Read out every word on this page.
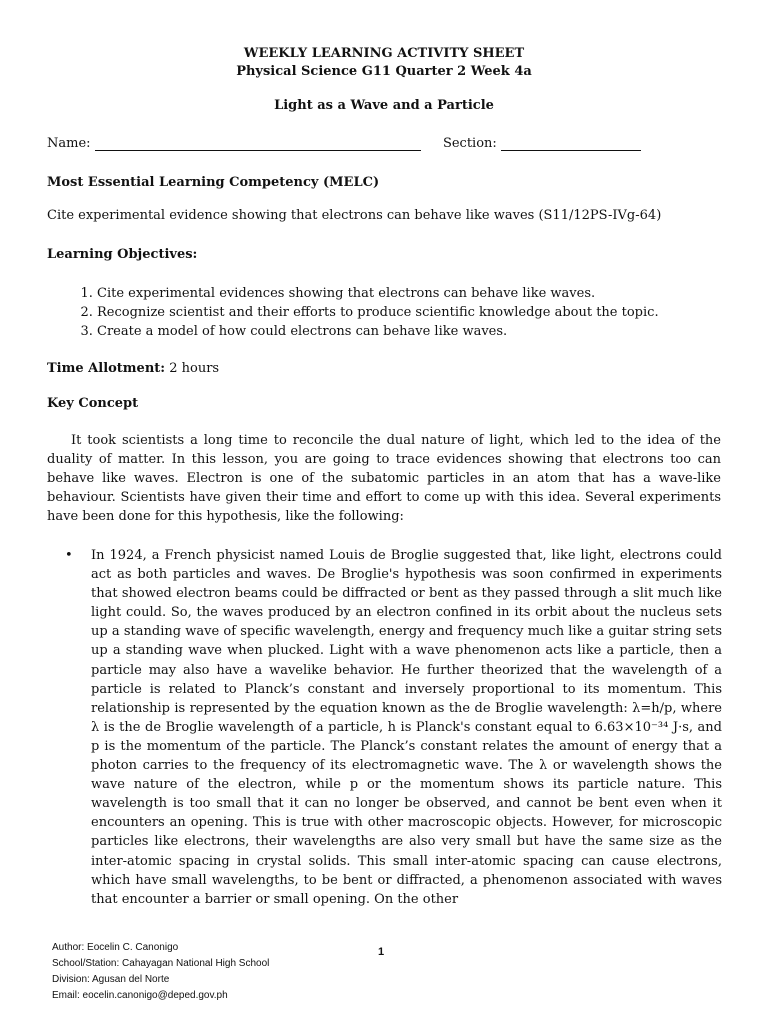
WEEKLY LEARNING ACTIVITY SHEET
Physical Science G11 Quarter 2 Week 4a
Light as a Wave and a Particle
Name:	Section:
Most Essential Learning Competency (MELC)
Cite experimental evidence showing that electrons can behave like waves (S11/12PS-IVg-64)
Learning Objectives:
1. Cite experimental evidences showing that electrons can behave like waves.
2. Recognize scientist and their efforts to produce scientific knowledge about the topic.
3. Create a model of how could electrons can behave like waves.
Time Allotment: 2 hours
Key Concept

It took scientists a long time to reconcile the dual nature of light, which led to the idea of the duality of matter. In this lesson, you are going to trace evidences showing that electrons too can behave like waves. Electron is one of the subatomic particles in an atom that has a wave-like behaviour. Scientists have given their time and effort to come up with this idea. Several experiments have been done for this hypothesis, like the following:

• In 1924, a French physicist named Louis de Broglie suggested that, like light, electrons could act as both particles and waves. De Broglie's hypothesis was soon confirmed in experiments that showed electron beams could be diffracted or bent as they passed through a slit much like light could. So, the waves produced by an electron confined in its orbit about the nucleus sets up a standing wave of specific wavelength, energy and frequency much like a guitar string sets up a standing wave when plucked. Light with a wave phenomenon acts like a particle, then a particle may also have a wavelike behavior. He further theorized that the wavelength of a particle is related to Planck’s constant and inversely proportional to its momentum. This relationship is represented by the equation known as the de Broglie wavelength: λ=h/p, where λ is the de Broglie wavelength of a particle, h is Planck's constant equal to 6.63×10⁻³⁴ J·s, and p is the momentum of the particle. The Planck’s constant relates the amount of energy that a photon carries to the frequency of its electromagnetic wave. The λ or wavelength shows the wave nature of the electron, while p or the momentum shows its particle nature. This wavelength is too small that it can no longer be observed, and cannot be bent even when it encounters an opening. This is true with other macroscopic objects. However, for microscopic particles like electrons, their wavelengths are also very small but have the same size as the inter-atomic spacing in crystal solids. This small inter-atomic spacing can cause electrons, which have small wavelengths, to be bent or diffracted, a phenomenon associated with waves that encounter a barrier or small opening. On the other

Author: Eocelin C. Canonigo
School/Station: Cahayagan National High School
Division: Agusan del Norte
Email: eocelin.canonigo@deped.gov.ph
1
